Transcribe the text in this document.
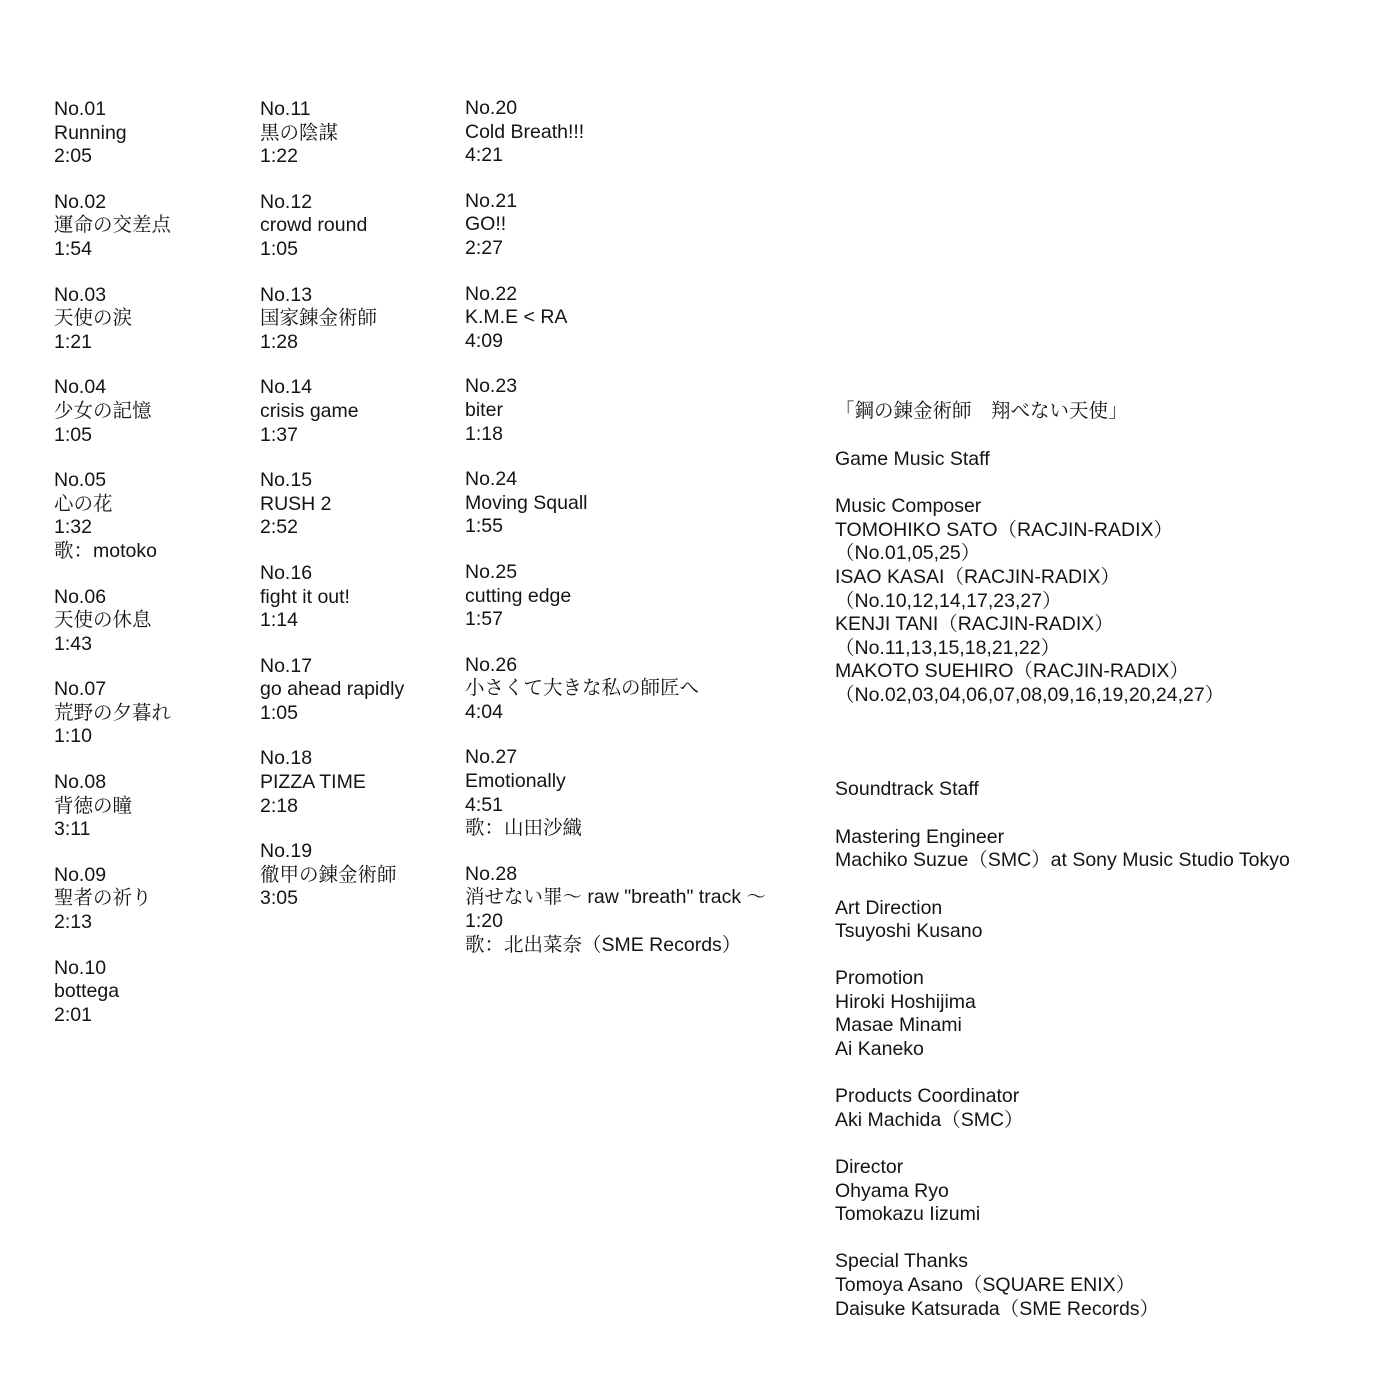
No.01
Running
2:05
No.02
運命の交差点
1:54
No.03
天使の涙
1:21
No.04
少女の記憶
1:05
No.05
心の花
1:32
歌：motoko
No.06
天使の休息
1:43
No.07
荒野の夕暮れ
1:10
No.08
背徳の瞳
3:11
No.09
聖者の祈り
2:13
No.10
bottega
2:01
No.11
黒の陰謀
1:22
No.12
crowd round
1:05
No.13
国家錬金術師
1:28
No.14
crisis game
1:37
No.15
RUSH 2
2:52
No.16
fight it out!
1:14
No.17
go ahead rapidly
1:05
No.18
PIZZA TIME
2:18
No.19
徹甲の錬金術師
3:05
No.20
Cold Breath!!!
4:21
No.21
GO!!
2:27
No.22
K.M.E < RA
4:09
No.23
biter
1:18
No.24
Moving Squall
1:55
No.25
cutting edge
1:57
No.26
小さくて大きな私の師匠へ
4:04
No.27
Emotionally
4:51
歌：山田沙織
No.28
消せない罪〜 raw "breath" track 〜
1:20
歌：北出菜奈（SME Records）
「鋼の錬金術師　翔べない天使」
Game Music Staff
Music Composer
TOMOHIKO SATO（RACJIN-RADIX）
（No.01,05,25）
ISAO KASAI（RACJIN-RADIX）
（No.10,12,14,17,23,27）
KENJI TANI（RACJIN-RADIX）
（No.11,13,15,18,21,22）
MAKOTO SUEHIRO（RACJIN-RADIX）
（No.02,03,04,06,07,08,09,16,19,20,24,27）
Soundtrack Staff
Mastering Engineer
Machiko Suzue（SMC）at Sony Music Studio Tokyo
Art Direction
Tsuyoshi Kusano
Promotion
Hiroki Hoshijima
Masae Minami
Ai Kaneko
Products Coordinator
Aki Machida（SMC）
Director
Ohyama Ryo
Tomokazu Iizumi
Special Thanks
Tomoya Asano（SQUARE ENIX）
Daisuke Katsurada（SME Records）
